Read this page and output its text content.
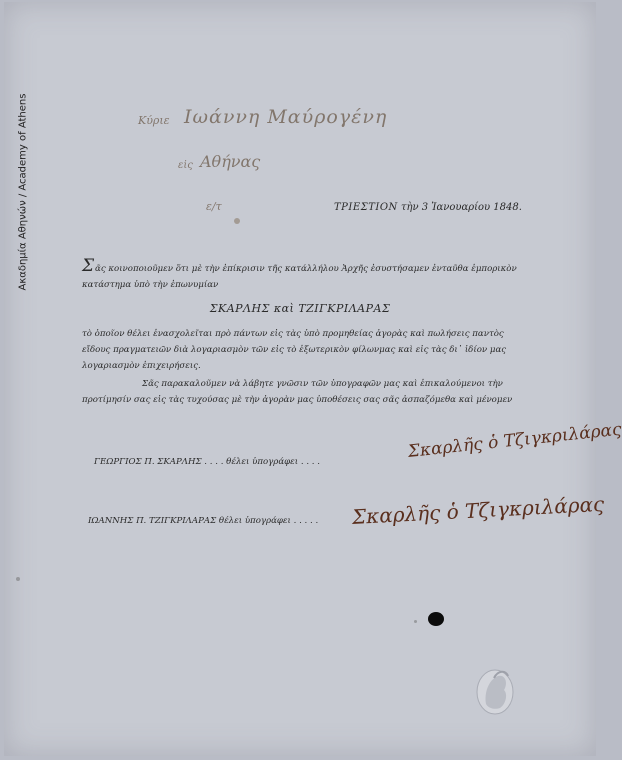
Ακαδημία Αθηνών / Academy of Athens	Κύριε Ιωάννη Μαύρογένη
εἰς Αθήνας
ε/τ	ΤΡΙΕΣΤΙΟΝ τὴν 3 Ἰανουαρίου 1848.
Σᾶς κοινοποιοῦμεν ὅτι μὲ τὴν ἐπίκρισιν τῆς κατάλλήλου Ἀρχῆς ἐσυστήσαμεν ἐνταῦθα ἐμπορικὸν κατάστημα ὑπὸ τὴν ἐπωνυμίαν
ΣΚΑΡΛΗΣ καὶ ΤΖΙΓΚΡΙΛΑΡΑΣ
τὸ ὁποῖον θέλει ἐνασχολεῖται πρὸ πάντων εἰς τὰς ὑπὸ προμηθείας ἀγορὰς καὶ πωλήσεις παντὸς εἴδους πραγματειῶν διὰ λογαριασμὸν τῶν εἰς τὸ ἐξωτερικὸν φίλωνμας καὶ εἰς τὰς δι᾽ ἰδίον μας λογαριασμὸν ἐπιχειρήσεις.
Σᾶς παρακαλοῦμεν νὰ λάβητε γνῶσιν τῶν ὑπογραφῶν μας καὶ ἐπικαλούμενοι τὴν προτίμησίν σας εἰς τὰς τυχούσας μὲ τὴν ἀγορὰν μας ὑποθέσεις σας σᾶς ἀσπαζόμεθα καὶ μένομεν
ΓΕΩΡΓΙΟΣ Π. ΣΚΑΡΛΗΣ . . . . θέλει ὑπογράφει . . . .
Σκαρλῆς ὁ Τζιγκριλάρας
ΙΩΑΝΝΗΣ Π. ΤΖΙΓΚΡΙΛΑΡΑΣ θέλει ὑπογράφει . . . . . Σκαρλῆς ὁ Τζιγκριλάρας
